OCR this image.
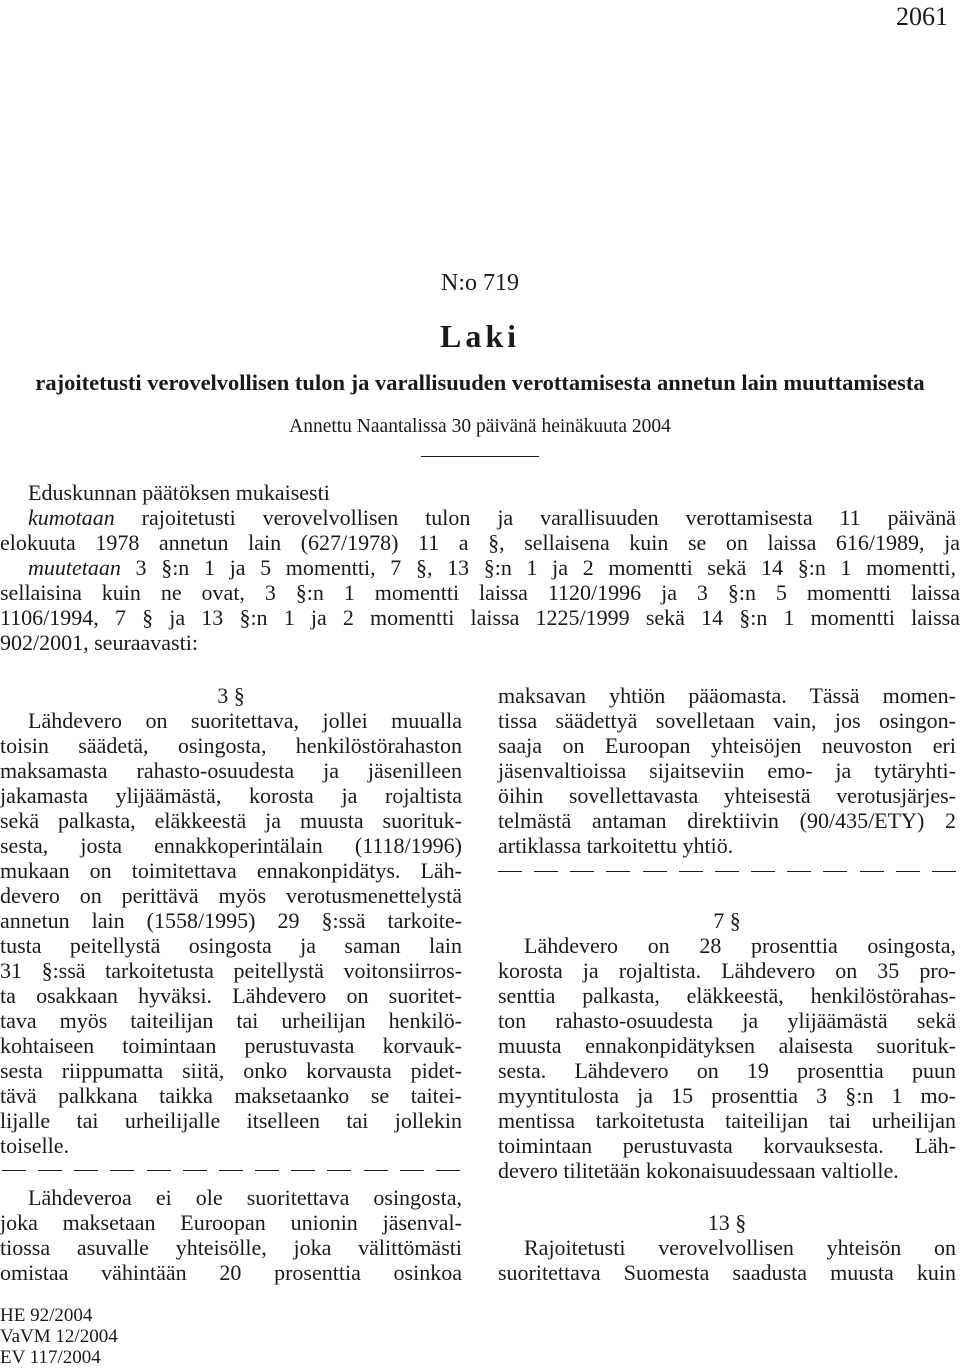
2061
N:o 719
Laki
rajoitetusti verovelvollisen tulon ja varallisuuden verottamisesta annetun lain muuttamisesta
Annettu Naantalissa 30 päivänä heinäkuuta 2004
Eduskunnan päätöksen mukaisesti
kumotaan rajoitetusti verovelvollisen tulon ja varallisuuden verottamisesta 11 päivänä
elokuuta 1978 annetun lain (627/1978) 11 a §, sellaisena kuin se on laissa 616/1989, ja
muutetaan 3 §:n 1 ja 5 momentti, 7 §, 13 §:n 1 ja 2 momentti sekä 14 §:n 1 momentti,
sellaisina kuin ne ovat, 3 §:n 1 momentti laissa 1120/1996 ja 3 §:n 5 momentti laissa
1106/1994, 7 § ja 13 §:n 1 ja 2 momentti laissa 1225/1999 sekä 14 §:n 1 momentti laissa
902/2001, seuraavasti:
3 §
Lähdevero on suoritettava, jollei muualla
toisin säädetä, osingosta, henkilöstörahaston
maksamasta rahasto-osuudesta ja jäsenilleen
jakamasta ylijäämästä, korosta ja rojaltista
sekä palkasta, eläkkeestä ja muusta suorituk-
sesta, josta ennakkoperintälain (1118/1996)
mukaan on toimitettava ennakonpidätys. Läh-
devero on perittävä myös verotusmenettelystä
annetun lain (1558/1995) 29 §:ssä tarkoite-
tusta peitellystä osingosta ja saman lain
31 §:ssä tarkoitetusta peitellystä voitonsiirros-
ta osakkaan hyväksi. Lähdevero on suoritet-
tava myös taiteilijan tai urheilijan henkilö-
kohtaiseen toimintaan perustuvasta korvauk-
sesta riippumatta siitä, onko korvausta pidet-
tävä palkkana taikka maksetaanko se taitei-
lijalle tai urheilijalle itselleen tai jollekin
toiselle.
Lähdeveroa ei ole suoritettava osingosta,
joka maksetaan Euroopan unionin jäsenval-
tiossa asuvalle yhteisölle, joka välittömästi
omistaa vähintään 20 prosenttia osinkoa
maksavan yhtiön pääomasta. Tässä momen-
tissa säädettyä sovelletaan vain, jos osingon-
saaja on Euroopan yhteisöjen neuvoston eri
jäsenvaltioissa sijaitseviin emo- ja tytäryhti-
öihin sovellettavasta yhteisestä verotusjärjes-
telmästä antaman direktiivin (90/435/ETY) 2
artiklassa tarkoitettu yhtiö.
7 §
Lähdevero on 28 prosenttia osingosta,
korosta ja rojaltista. Lähdevero on 35 pro-
senttia palkasta, eläkkeestä, henkilöstörahas-
ton rahasto-osuudesta ja ylijäämästä sekä
muusta ennakonpidätyksen alaisesta suorituk-
sesta. Lähdevero on 19 prosenttia puun
myyntitulosta ja 15 prosenttia 3 §:n 1 mo-
mentissa tarkoitetusta taiteilijan tai urheilijan
toimintaan perustuvasta korvauksesta. Läh-
devero tilitetään kokonaisuudessaan valtiolle.
13 §
Rajoitetusti verovelvollisen yhteisön on
suoritettava Suomesta saadusta muusta kuin
HE 92/2004
VaVM 12/2004
EV 117/2004
